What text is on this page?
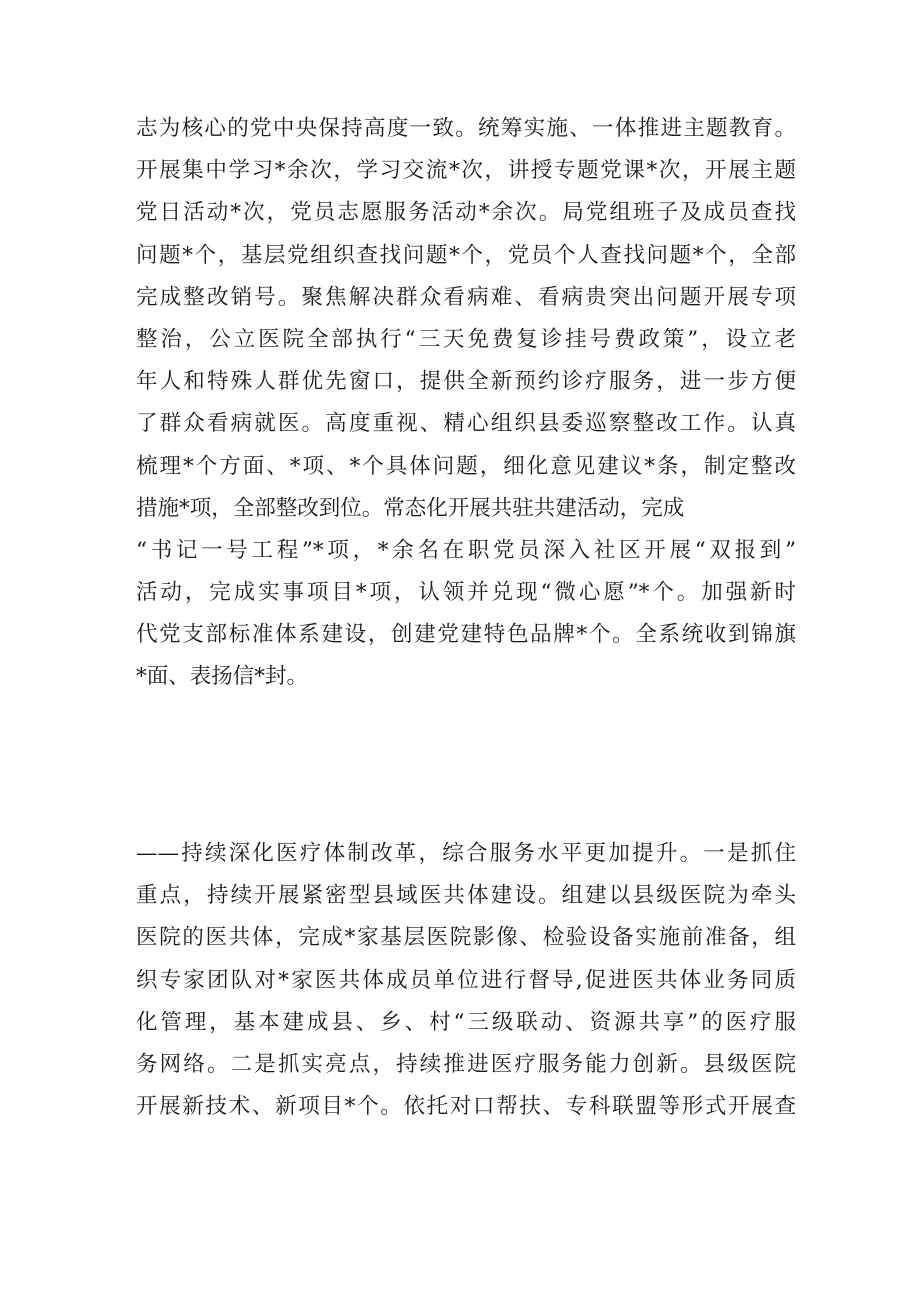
志为核心的党中央保持高度一致。统筹实施、一体推进主题教育。
开展集中学习*余次，学习交流*次，讲授专题党课*次，开展主题
党日活动*次，党员志愿服务活动*余次。局党组班子及成员查找
问题*个，基层党组织查找问题*个，党员个人查找问题*个，全部
完成整改销号。聚焦解决群众看病难、看病贵突出问题开展专项
整治，公立医院全部执行“三天免费复诊挂号费政策”，设立老
年人和特殊人群优先窗口，提供全新预约诊疗服务，进一步方便
了群众看病就医。高度重视、精心组织县委巡察整改工作。认真
梳理*个方面、*项、*个具体问题，细化意见建议*条，制定整改
措施*项，全部整改到位。常态化开展共驻共建活动，完成
“书记一号工程”*项，*余名在职党员深入社区开展“双报到”
活动，完成实事项目*项，认领并兑现“微心愿”*个。加强新时
代党支部标准体系建设，创建党建特色品牌*个。全系统收到锦旗
*面、表扬信*封。
——持续深化医疗体制改革，综合服务水平更加提升。一是抓住
重点，持续开展紧密型县域医共体建设。组建以县级医院为牵头
医院的医共体，完成*家基层医院影像、检验设备实施前准备，组
织专家团队对*家医共体成员单位进行督导,促进医共体业务同质
化管理，基本建成县、乡、村“三级联动、资源共享”的医疗服
务网络。二是抓实亮点，持续推进医疗服务能力创新。县级医院
开展新技术、新项目*个。依托对口帮扶、专科联盟等形式开展查
